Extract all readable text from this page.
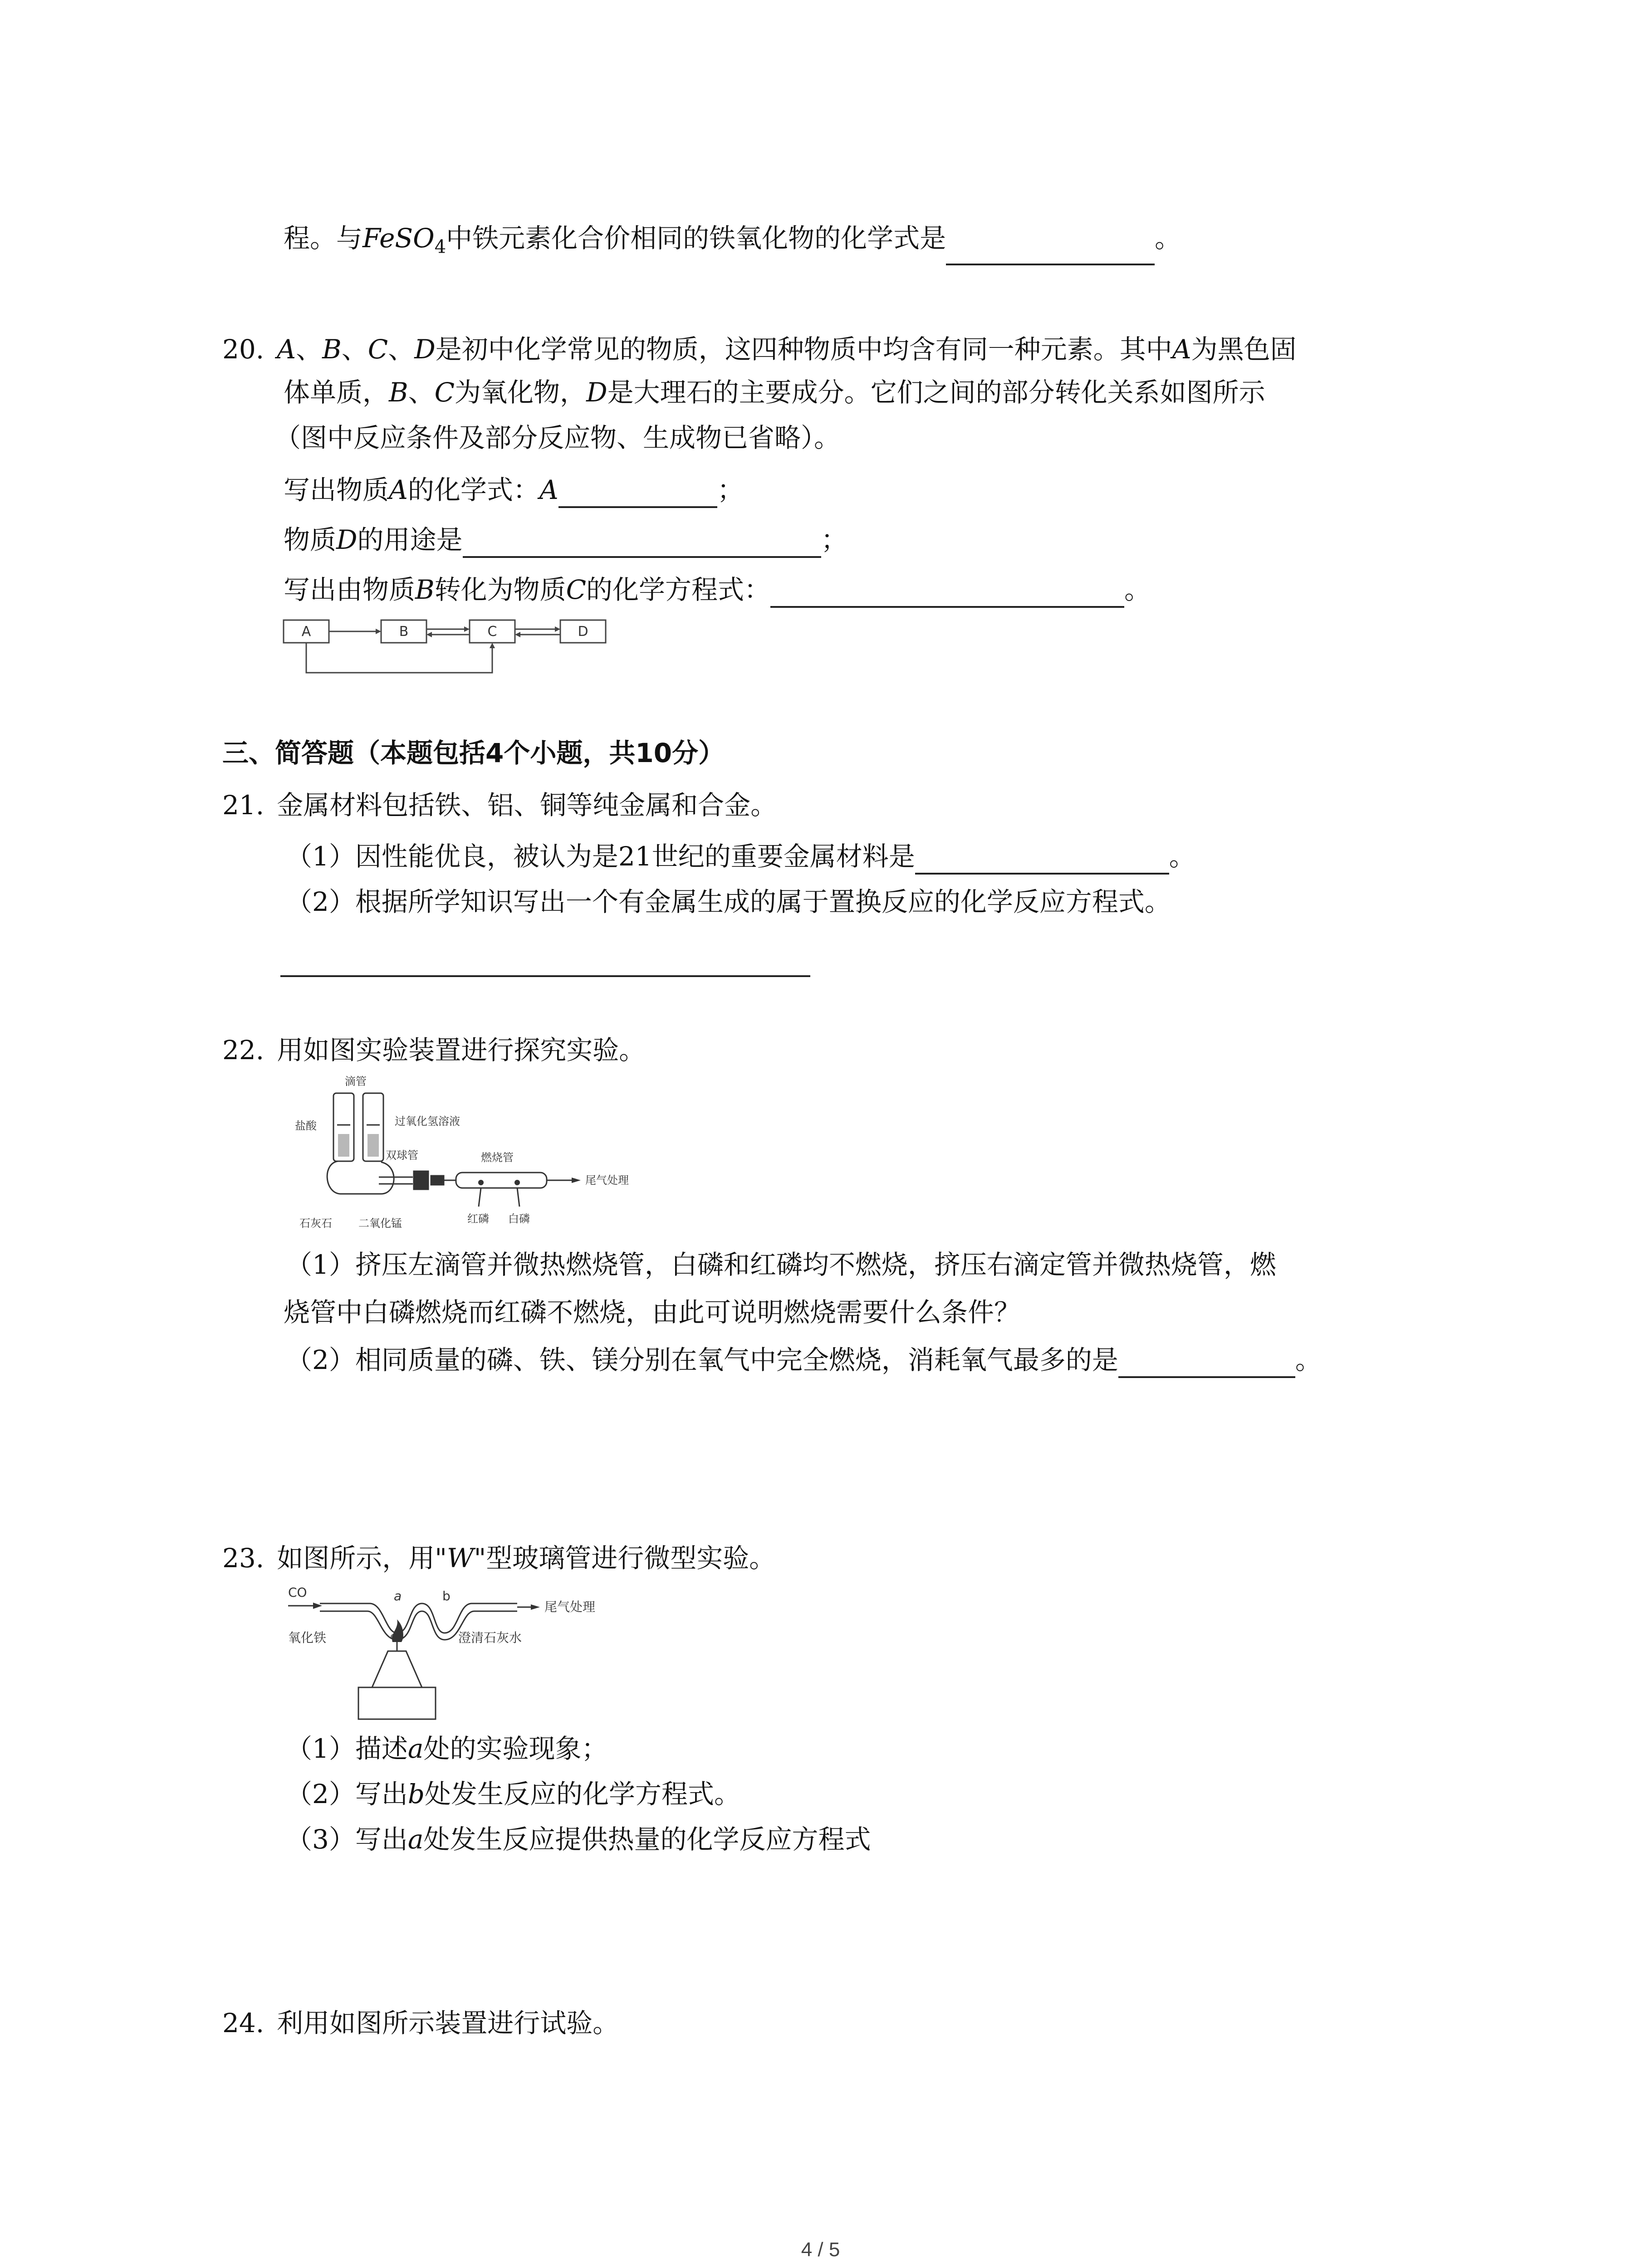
程。与FeSO$_4$中铁元素化合价相同的铁氧化物的化学式是	。
20. A、B、C、D是初中化学常见的物质，这四种物质中均含有同一种元素。其中A为黑色固
体单质，B、C为氧化物，D是大理石的主要成分。它们之间的部分转化关系如图所示
（图中反应条件及部分反应物、生成物已省略）。
写出物质A的化学式：A	；
物质D的用途是	；
写出由物质B转化为物质C的化学方程式：	。
A	B	C	D
三、简答题（本题包括4个小题，共10分）
21. 金属材料包括铁、铝、铜等纯金属和合金。
（1）因性能优良，被认为是21世纪的重要金属材料是	。
（2）根据所学知识写出一个有金属生成的属于置换反应的化学反应方程式。
22. 用如图实验装置进行探究实验。
滴管
盐酸	过氧化氢溶液
双球管	燃烧管
尾气处理
石灰石 二氧化锰	红磷 白磷
（1）挤压左滴管并微热燃烧管，白磷和红磷均不燃烧，挤压右滴定管并微热烧管，燃
烧管中白磷燃烧而红磷不燃烧，由此可说明燃烧需要什么条件？
（2）相同质量的磷、铁、镁分别在氧气中完全燃烧，消耗氧气最多的是	。
23. 如图所示，用"W"型玻璃管进行微型实验。
CO	a	b
尾气处理
氧化铁	澄清石灰水
（1）描述a处的实验现象；
（2）写出b处发生反应的化学方程式。
（3）写出a处发生反应提供热量的化学反应方程式
24. 利用如图所示装置进行试验。
4 / 5
